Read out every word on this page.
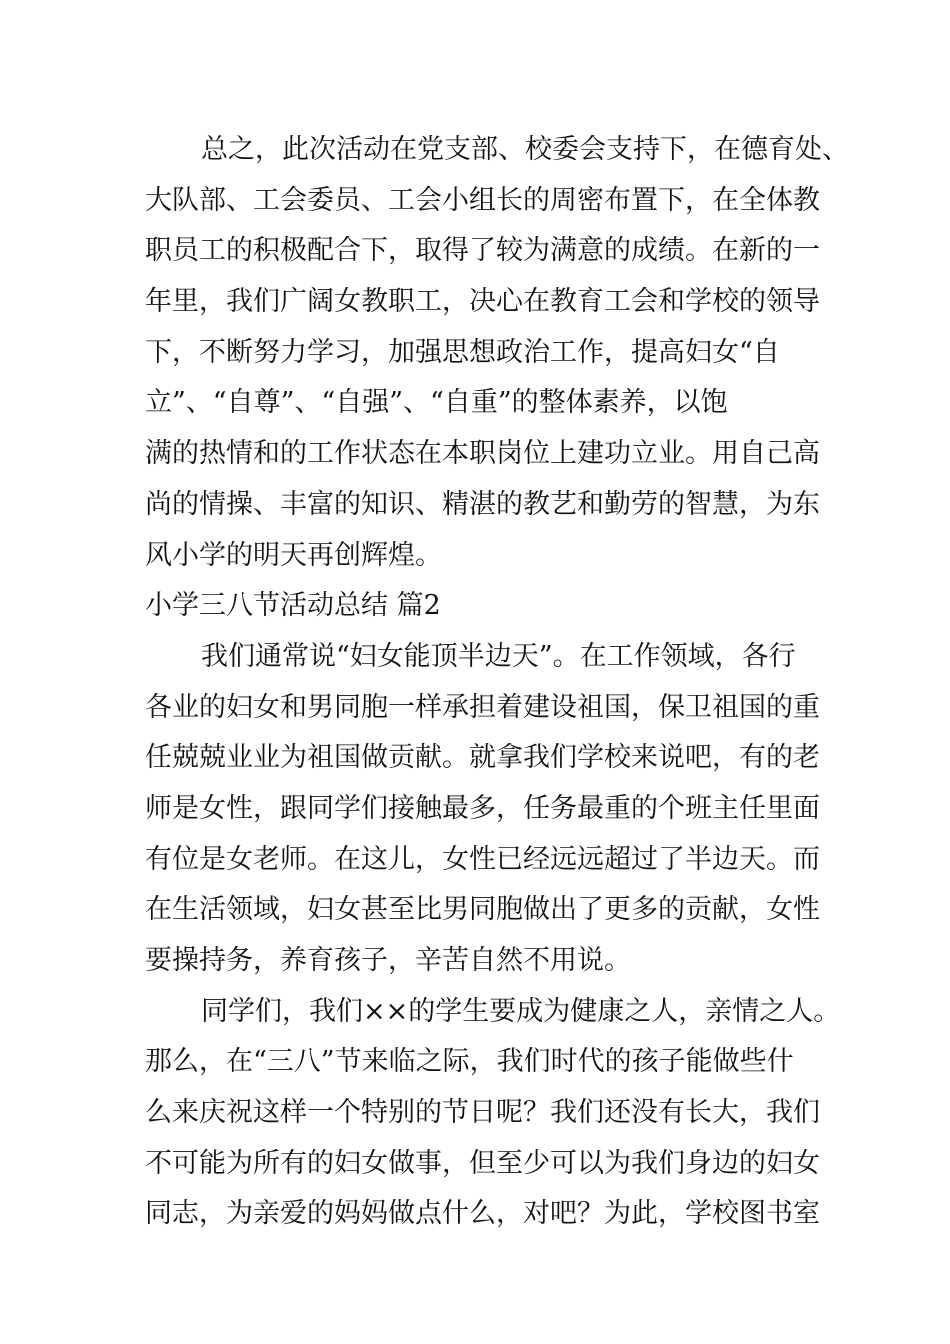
总之，此次活动在党支部、校委会支持下，在德育处、
大队部、工会委员、工会小组长的周密布置下，在全体教
职员工的积极配合下，取得了较为满意的成绩。在新的一
年里，我们广阔女教职工，决心在教育工会和学校的领导
下，不断努力学习，加强思想政治工作，提高妇女“自
立”、“自尊”、“自强”、“自重”的整体素养，以饱
满的热情和的工作状态在本职岗位上建功立业。用自己高
尚的情操、丰富的知识、精湛的教艺和勤劳的智慧，为东
风小学的明天再创辉煌。
小学三八节活动总结 篇2
我们通常说“妇女能顶半边天”。在工作领域，各行
各业的妇女和男同胞一样承担着建设祖国，保卫祖国的重
任兢兢业业为祖国做贡献。就拿我们学校来说吧，有的老
师是女性，跟同学们接触最多，任务最重的个班主任里面
有位是女老师。在这儿，女性已经远远超过了半边天。而
在生活领域，妇女甚至比男同胞做出了更多的贡献，女性
要操持务，养育孩子，辛苦自然不用说。
同学们，我们××的学生要成为健康之人，亲情之人。
那么，在“三八”节来临之际，我们时代的孩子能做些什
么来庆祝这样一个特别的节日呢？我们还没有长大，我们
不可能为所有的妇女做事，但至少可以为我们身边的妇女
同志，为亲爱的妈妈做点什么，对吧？为此，学校图书室
